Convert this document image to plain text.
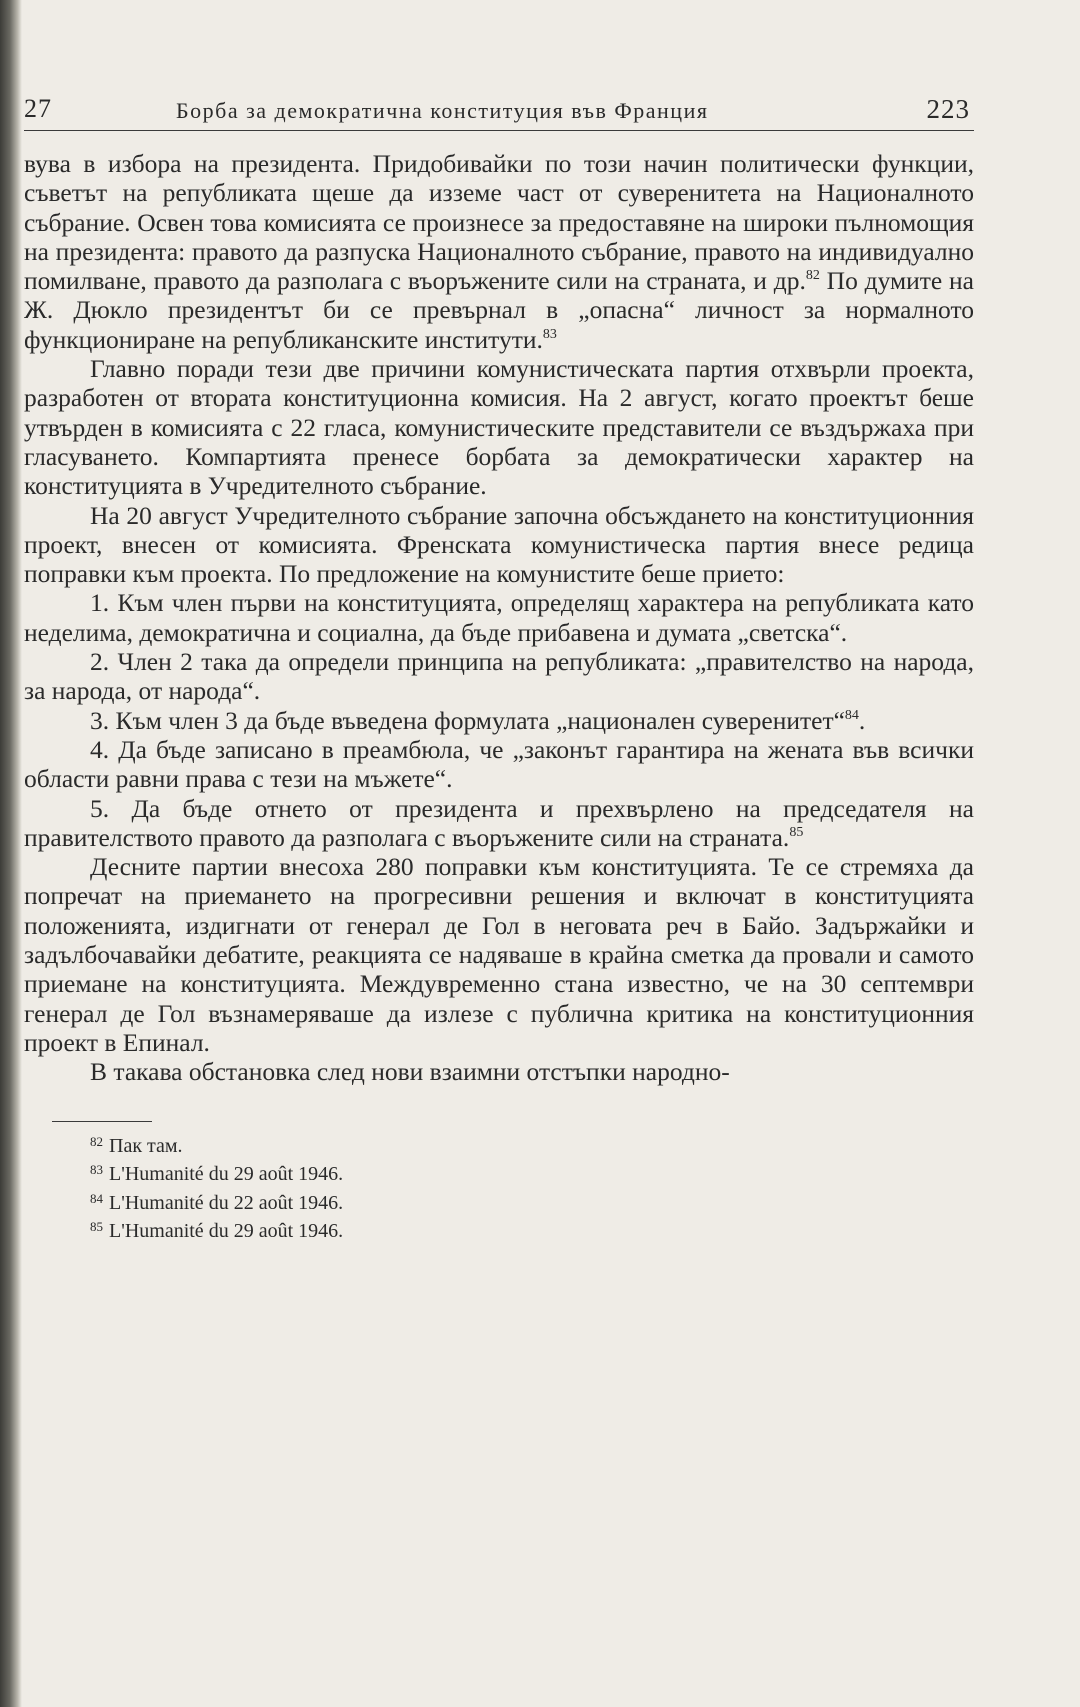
27	Борба за демократична конституция във Франция	223

вува в избора на президента. Придобивайки по този начин политически функции, съветът на републиката щеше да изземе част от суверенитета на Националното събрание. Освен това комисията се произнесе за предоставяне на широки пълномощия на президента: правото да разпуска Националното събрание, правото на индивидуално помилване, правото да разполага с въоръжените сили на страната, и др.$^{82}$ По думите на Ж. Дюкло президентът би се превърнал в „опасна“ личност за нормалното функциониране на републиканските институти.$^{83}$

Главно поради тези две причини комунистическата партия отхвърли проекта, разработен от втората конституционна комисия. На 2 август, когато проектът беше утвърден в комисията с 22 гласа, комунистическите представители се въздържаха при гласуването. Компартията пренесе борбата за демократически характер на конституцията в Учредителното събрание.

На 20 август Учредителното събрание започна обсъждането на конституционния проект, внесен от комисията. Френската комунистическа партия внесе редица поправки към проекта. По предложение на комунистите беше прието:

1. Към член първи на конституцията, определящ характера на републиката като неделима, демократична и социална, да бъде прибавена и думата „светска“.

2. Член 2 така да определи принципа на републиката: „правителство на народа, за народа, от народа“.

3. Към член 3 да бъде въведена формулата „национален суверенитет“$^{84}$.

4. Да бъде записано в преамбюла, че „законът гарантира на жената във всички области равни права с тези на мъжете“.

5. Да бъде отнето от президента и прехвърлено на председателя на правителството правото да разполага с въоръжените сили на страната.$^{85}$

Десните партии внесоха 280 поправки към конституцията. Те се стремяха да попречат на приемането на прогресивни решения и включат в конституцията положенията, издигнати от генерал де Гол в неговата реч в Байо. Задържайки и задълбочавайки дебатите, реакцията се надяваше в крайна сметка да провали и самото приемане на конституцията. Междувременно стана известно, че на 30 септември генерал де Гол възнамеряваше да излезе с публична критика на конституционния проект в Епинал.

В такава обстановка след нови взаимни отстъпки народно-

$^{82}$ Пак там.
$^{83}$ L'Humanité du 29 août 1946.
$^{84}$ L'Humanité du 22 août 1946.
$^{85}$ L'Humanité du 29 août 1946.
